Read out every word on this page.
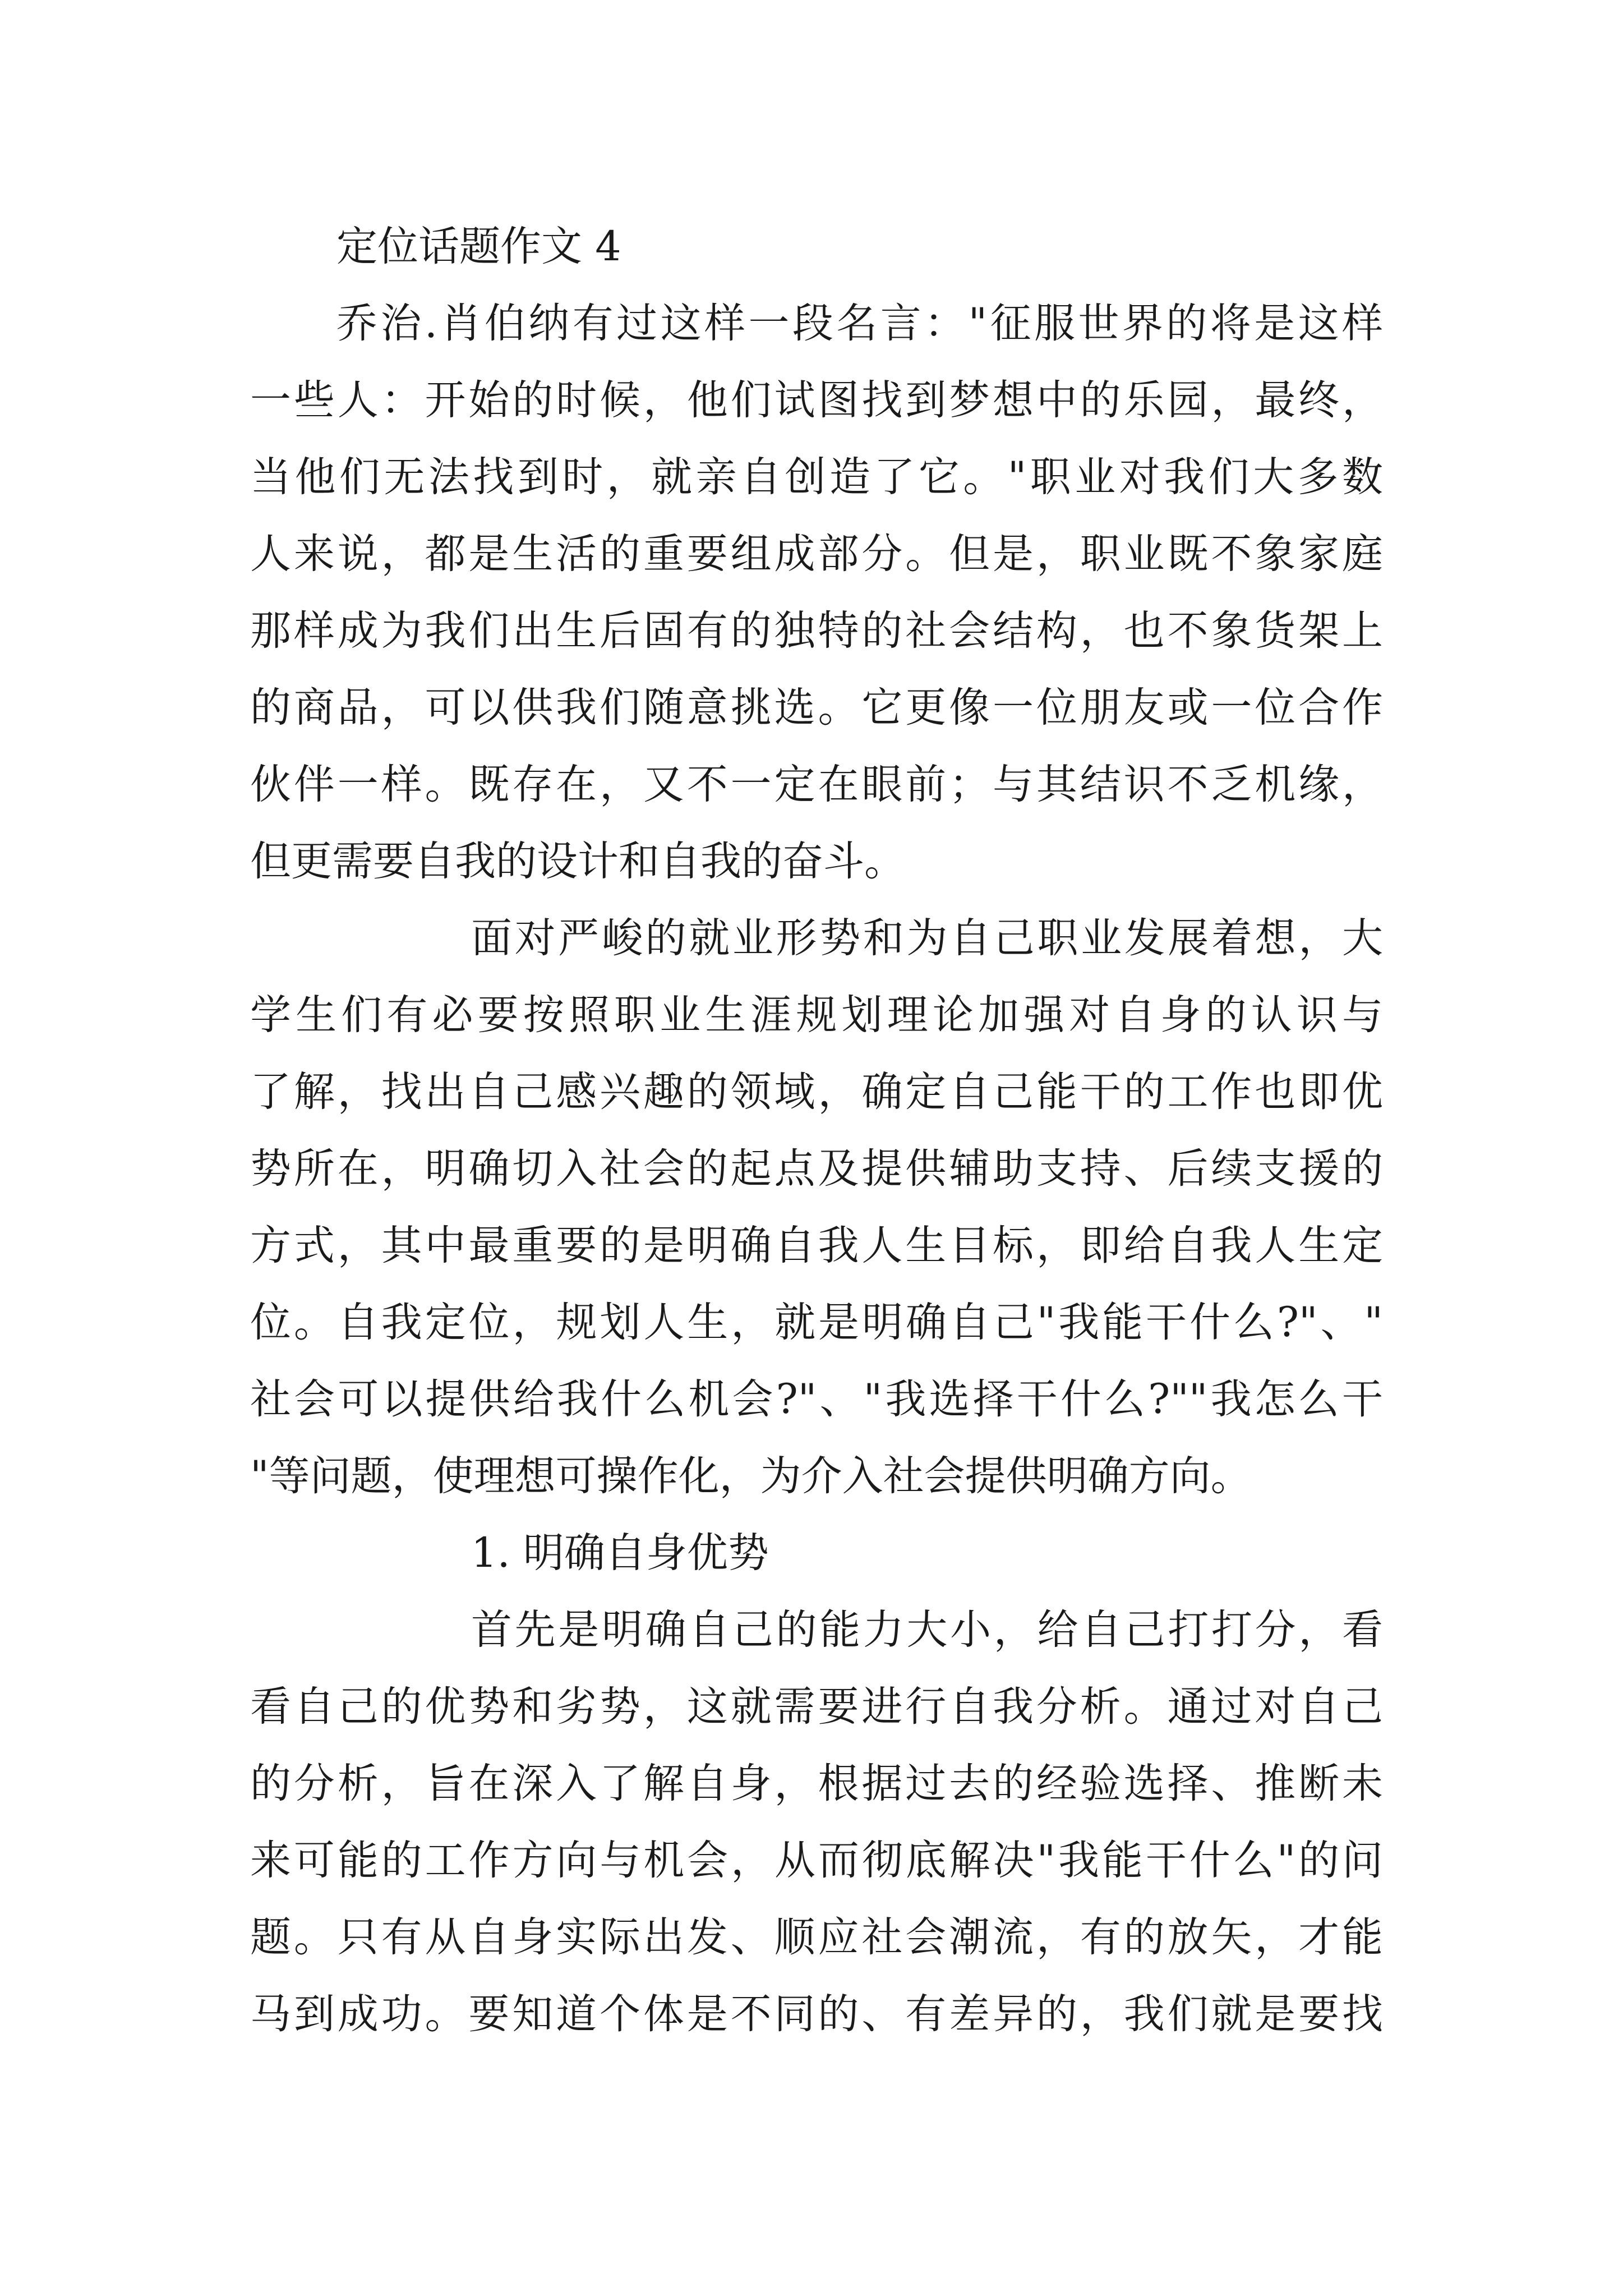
定位话题作文 4
乔治.肖伯纳有过这样一段名言："征服世界的将是这样
一些人：开始的时候，他们试图找到梦想中的乐园，最终，
当他们无法找到时，就亲自创造了它。"职业对我们大多数
人来说，都是生活的重要组成部分。但是，职业既不象家庭
那样成为我们出生后固有的独特的社会结构，也不象货架上
的商品，可以供我们随意挑选。它更像一位朋友或一位合作
伙伴一样。既存在，又不一定在眼前；与其结识不乏机缘，
但更需要自我的设计和自我的奋斗。
面对严峻的就业形势和为自己职业发展着想，大
学生们有必要按照职业生涯规划理论加强对自身的认识与
了解，找出自己感兴趣的领域，确定自己能干的工作也即优
势所在，明确切入社会的起点及提供辅助支持、后续支援的
方式，其中最重要的是明确自我人生目标，即给自我人生定
位。自我定位，规划人生，就是明确自己"我能干什么?"、"
社会可以提供给我什么机会?"、"我选择干什么?""我怎么干
"等问题，使理想可操作化，为介入社会提供明确方向。
1. 明确自身优势
首先是明确自己的能力大小，给自己打打分，看
看自己的优势和劣势，这就需要进行自我分析。通过对自己
的分析，旨在深入了解自身，根据过去的经验选择、推断未
来可能的工作方向与机会，从而彻底解决"我能干什么"的问
题。只有从自身实际出发、顺应社会潮流，有的放矢，才能
马到成功。要知道个体是不同的、有差异的，我们就是要找
